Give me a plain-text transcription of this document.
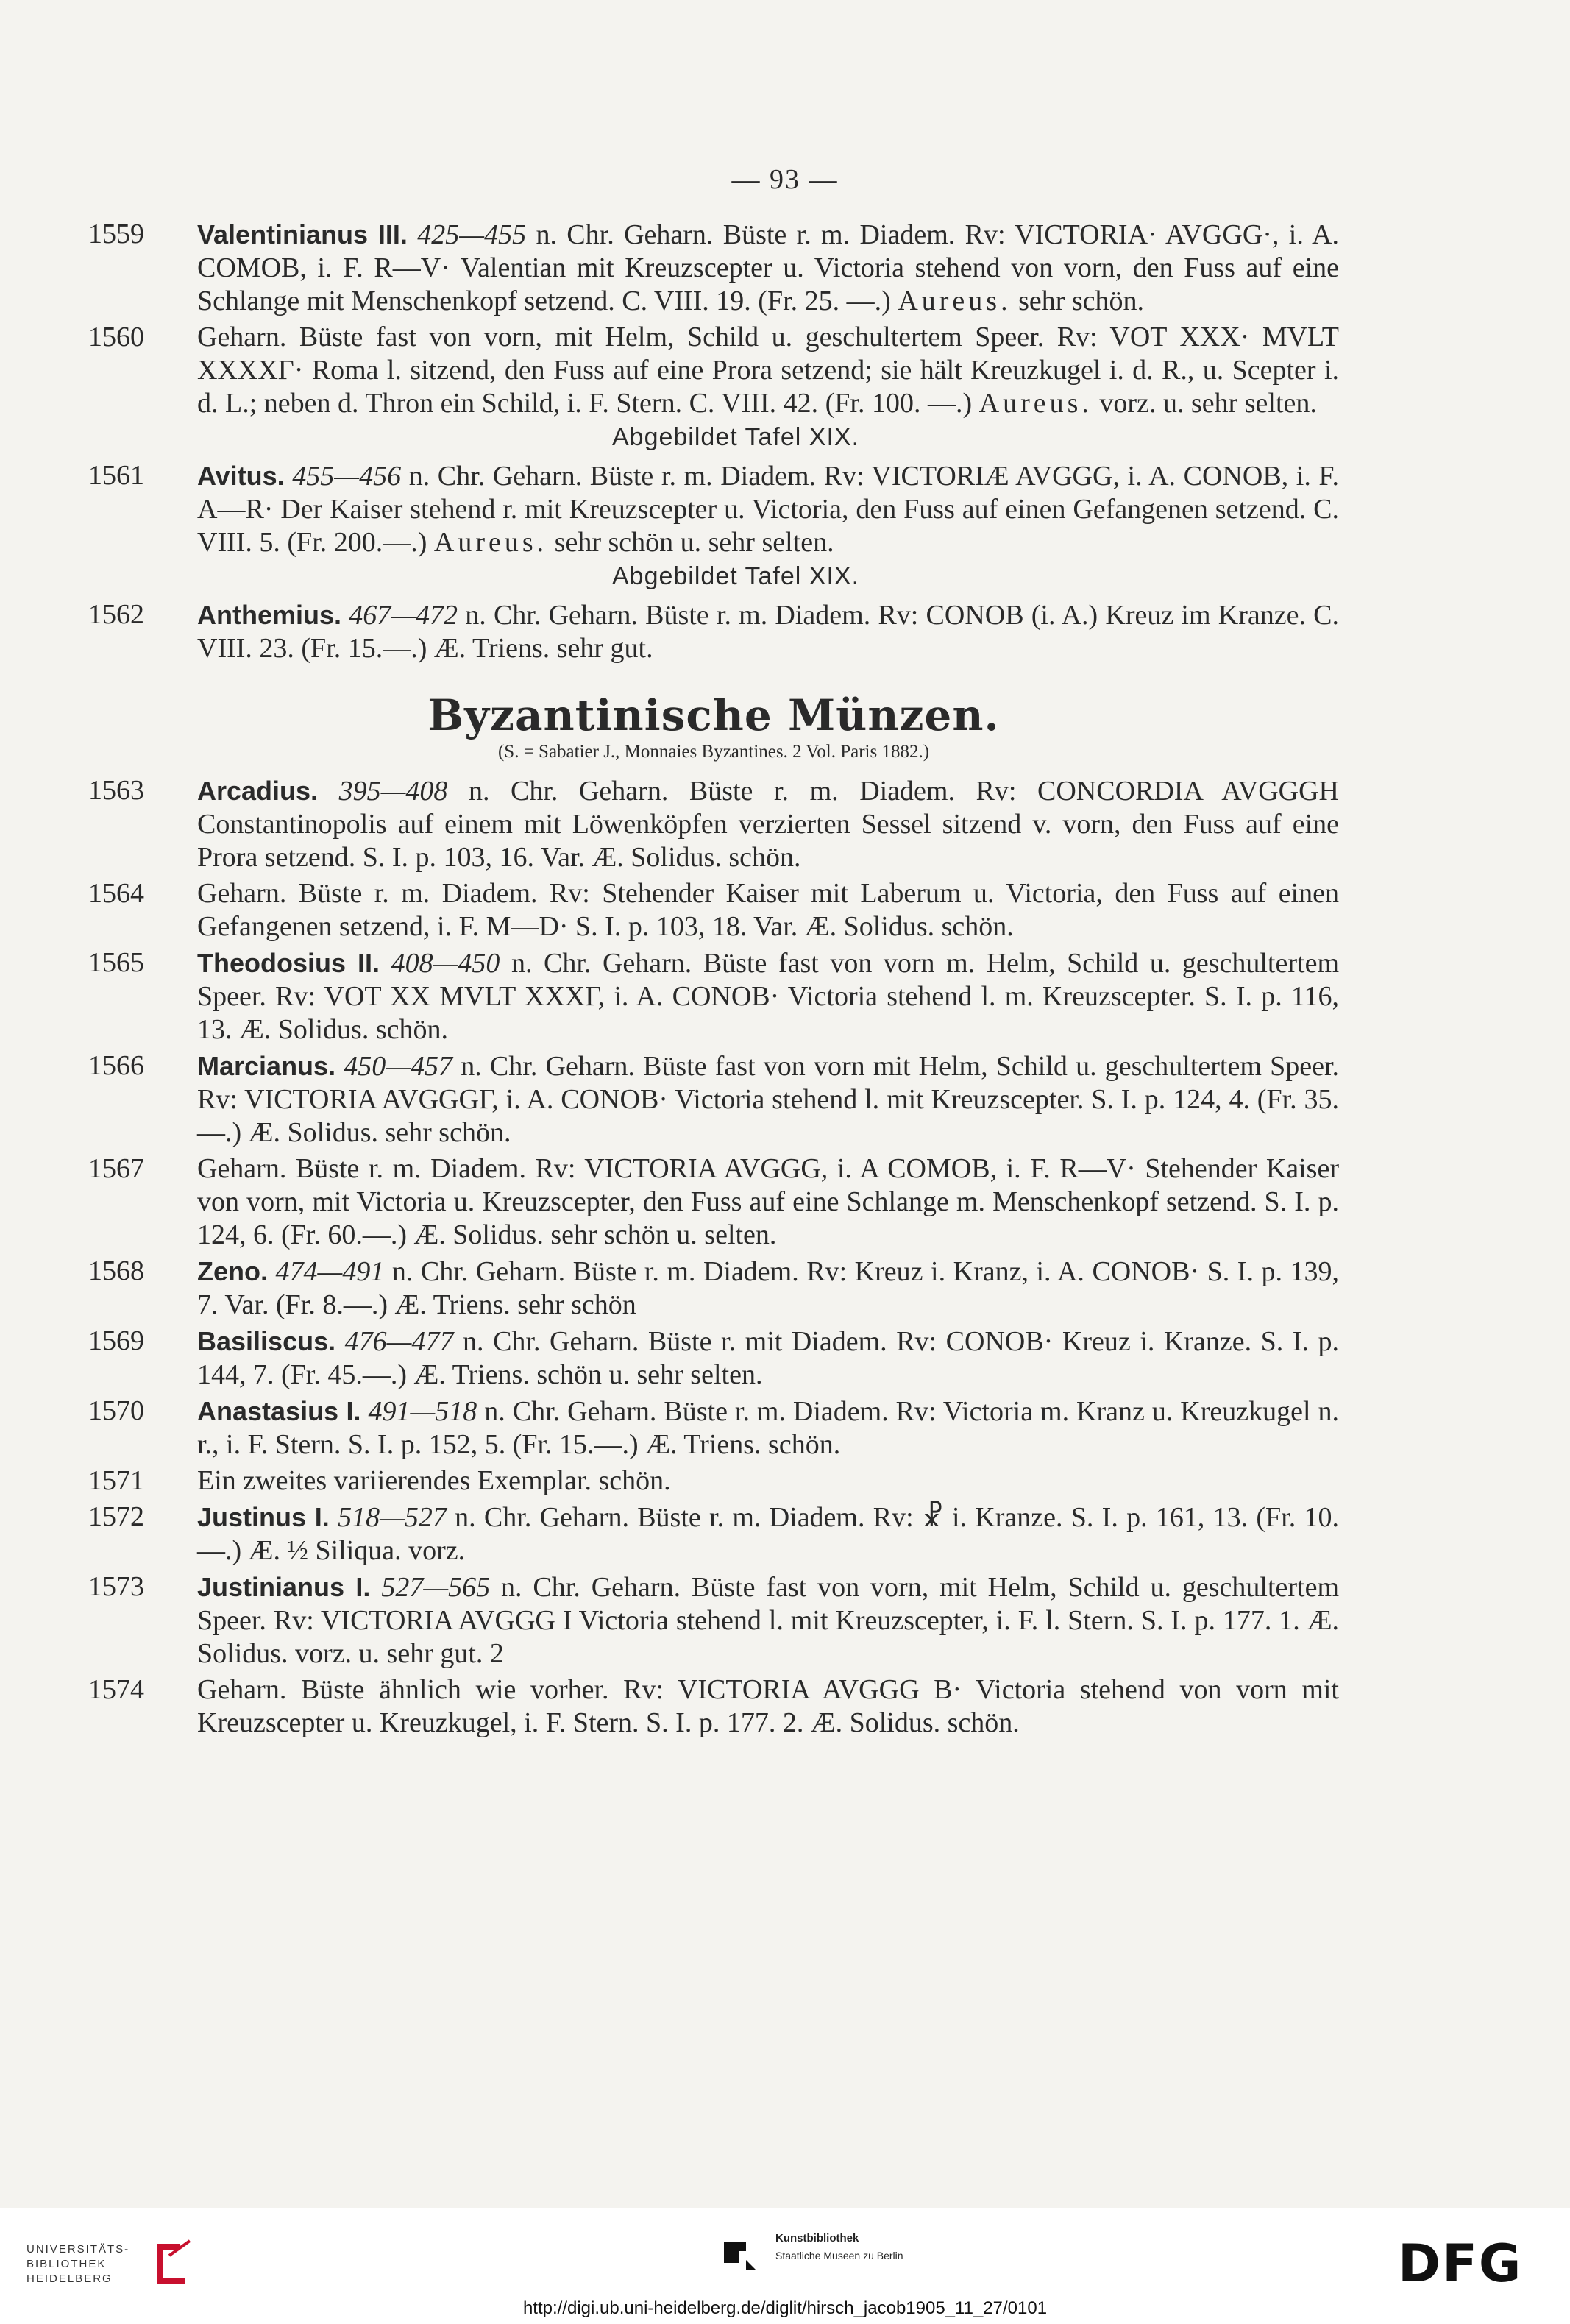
— 93 —
1559	Valentinianus III. 425—455 n. Chr. Geharn. Büste r. m. Diadem. Rv: VICTORIA· AVGGG·, i. A. COMOB, i. F. R—V· Valentian mit Kreuzscepter u. Victoria stehend von vorn, den Fuss auf eine Schlange mit Menschenkopf setzend. C. VIII. 19. (Fr. 25. —.) Aureus. sehr schön.
1560	Geharn. Büste fast von vorn, mit Helm, Schild u. geschultertem Speer. Rv: VOT XXX· MVLT XXXXΓ· Roma l. sitzend, den Fuss auf eine Prora setzend; sie hält Kreuzkugel i. d. R., u. Scepter i. d. L.; neben d. Thron ein Schild, i. F. Stern. C. VIII. 42. (Fr. 100. —.) Aureus. vorz. u. sehr selten.
Abgebildet Tafel XIX.
1561	Avitus. 455—456 n. Chr. Geharn. Büste r. m. Diadem. Rv: VICTORIÆ AVGGG, i. A. CONOB, i. F. A—R· Der Kaiser stehend r. mit Kreuzscepter u. Victoria, den Fuss auf einen Gefangenen setzend. C. VIII. 5. (Fr. 200.—.) Aureus. sehr schön u. sehr selten.
Abgebildet Tafel XIX.
1562	Anthemius. 467—472 n. Chr. Geharn. Büste r. m. Diadem. Rv: CONOB (i. A.) Kreuz im Kranze. C. VIII. 23. (Fr. 15.—.) Æ. Triens. sehr gut.
Byzantinische Münzen.
(S. = Sabatier J., Monnaies Byzantines. 2 Vol. Paris 1882.)
1563	Arcadius. 395—408 n. Chr. Geharn. Büste r. m. Diadem. Rv: CONCORDIA AVGGGH Constantinopolis auf einem mit Löwenköpfen verzierten Sessel sitzend v. vorn, den Fuss auf eine Prora setzend. S. I. p. 103, 16. Var. Æ. Solidus. schön.
1564	Geharn. Büste r. m. Diadem. Rv: Stehender Kaiser mit Laberum u. Victoria, den Fuss auf einen Gefangenen setzend, i. F. M—D· S. I. p. 103, 18. Var. Æ. Solidus. schön.
1565	Theodosius II. 408—450 n. Chr. Geharn. Büste fast von vorn m. Helm, Schild u. geschultertem Speer. Rv: VOT XX MVLT XXXΓ, i. A. CONOB· Victoria stehend l. m. Kreuzscepter. S. I. p. 116, 13. Æ. Solidus. schön.
1566	Marcianus. 450—457 n. Chr. Geharn. Büste fast von vorn mit Helm, Schild u. geschultertem Speer. Rv: VICTORIA AVGGGΓ, i. A. CONOB· Victoria stehend l. mit Kreuzscepter. S. I. p. 124, 4. (Fr. 35.—.) Æ. Solidus. sehr schön.
1567	Geharn. Büste r. m. Diadem. Rv: VICTORIA AVGGG, i. A COMOB, i. F. R—V· Stehender Kaiser von vorn, mit Victoria u. Kreuzscepter, den Fuss auf eine Schlange m. Menschenkopf setzend. S. I. p. 124, 6. (Fr. 60.—.) Æ. Solidus. sehr schön u. selten.
1568	Zeno. 474—491 n. Chr. Geharn. Büste r. m. Diadem. Rv: Kreuz i. Kranz, i. A. CONOB· S. I. p. 139, 7. Var. (Fr. 8.—.) Æ. Triens. sehr schön
1569	Basiliscus. 476—477 n. Chr. Geharn. Büste r. mit Diadem. Rv: CONOB· Kreuz i. Kranze. S. I. p. 144, 7. (Fr. 45.—.) Æ. Triens. schön u. sehr selten.
1570	Anastasius I. 491—518 n. Chr. Geharn. Büste r. m. Diadem. Rv: Victoria m. Kranz u. Kreuzkugel n. r., i. F. Stern. S. I. p. 152, 5. (Fr. 15.—.) Æ. Triens. schön.
1571	Ein zweites variierendes Exemplar. schön.
1572	Justinus I. 518—527 n. Chr. Geharn. Büste r. m. Diadem. Rv: ☧ i. Kranze. S. I. p. 161, 13. (Fr. 10.—.) Æ. ½ Siliqua. vorz.
1573	Justinianus I. 527—565 n. Chr. Geharn. Büste fast von vorn, mit Helm, Schild u. geschultertem Speer. Rv: VICTORIA AVGGG I Victoria stehend l. mit Kreuzscepter, i. F. l. Stern. S. I. p. 177. 1. Æ. Solidus. vorz. u. sehr gut. 2
1574	Geharn. Büste ähnlich wie vorher. Rv: VICTORIA AVGGG B· Victoria stehend von vorn mit Kreuzscepter u. Kreuzkugel, i. F. Stern. S. I. p. 177. 2. Æ. Solidus. schön.
UNIVERSITÄTS-
BIBLIOTHEK
HEIDELBERG
Kunstbibliothek
Staatliche Museen zu Berlin	DFG
http://digi.ub.uni-heidelberg.de/diglit/hirsch_jacob1905_11_27/0101
